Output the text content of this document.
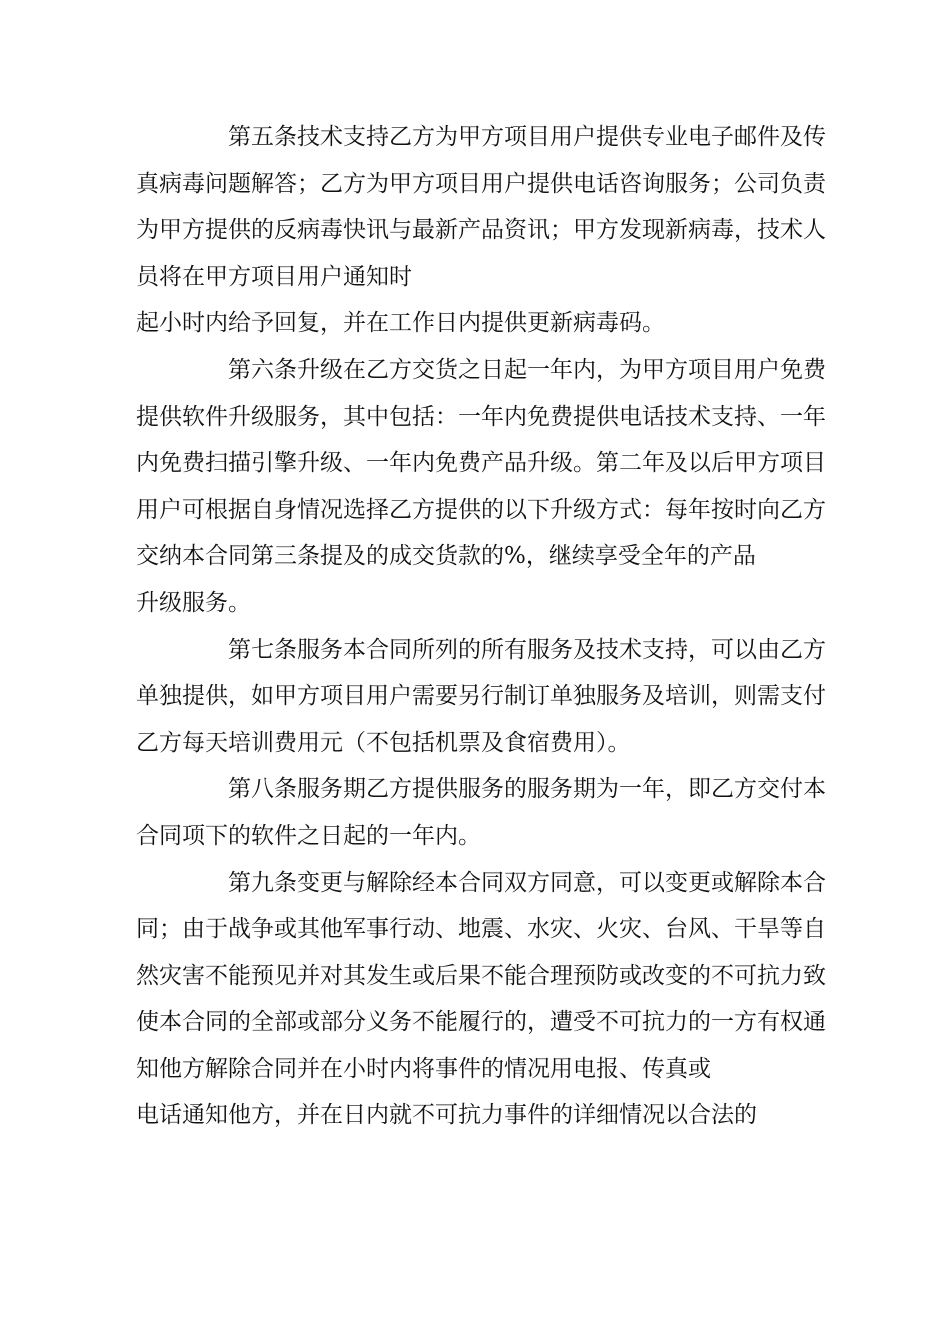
第五条技术支持乙方为甲方项目用户提供专业电子邮件及传
真病毒问题解答；乙方为甲方项目用户提供电话咨询服务；公司负责
为甲方提供的反病毒快讯与最新产品资讯；甲方发现新病毒，技术人
员将在甲方项目用户通知时
起小时内给予回复，并在工作日内提供更新病毒码。
第六条升级在乙方交货之日起一年内，为甲方项目用户免费
提供软件升级服务，其中包括：一年内免费提供电话技术支持、一年
内免费扫描引擎升级、一年内免费产品升级。第二年及以后甲方项目
用户可根据自身情况选择乙方提供的以下升级方式：每年按时向乙方
交纳本合同第三条提及的成交货款的%，继续享受全年的产品
升级服务。
第七条服务本合同所列的所有服务及技术支持，可以由乙方
单独提供，如甲方项目用户需要另行制订单独服务及培训，则需支付
乙方每天培训费用元（不包括机票及食宿费用）。
第八条服务期乙方提供服务的服务期为一年，即乙方交付本
合同项下的软件之日起的一年内。
第九条变更与解除经本合同双方同意，可以变更或解除本合
同；由于战争或其他军事行动、地震、水灾、火灾、台风、干旱等自
然灾害不能预见并对其发生或后果不能合理预防或改变的不可抗力致
使本合同的全部或部分义务不能履行的，遭受不可抗力的一方有权通
知他方解除合同并在小时内将事件的情况用电报、传真或
电话通知他方，并在日内就不可抗力事件的详细情况以合法的
